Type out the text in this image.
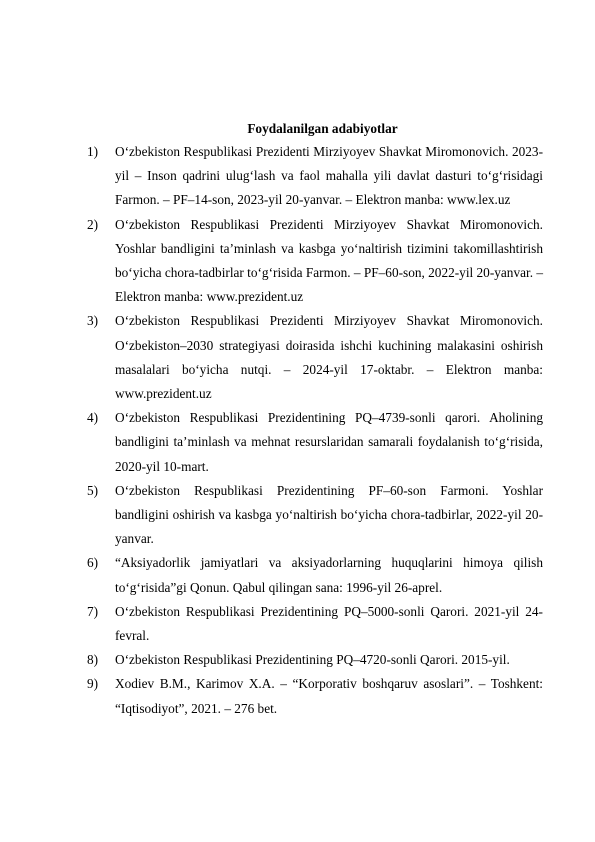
Foydalanilgan adabiyotlar
1) O‘zbekiston Respublikasi Prezidenti Mirziyoyev Shavkat Miromonovich. 2023-yil – Inson qadrini ulug‘lash va faol mahalla yili davlat dasturi to‘g‘risidagi Farmon. – PF–14-son, 2023-yil 20-yanvar. – Elektron manba: www.lex.uz
2) O‘zbekiston Respublikasi Prezidenti Mirziyoyev Shavkat Miromonovich. Yoshlar bandligini ta’minlash va kasbga yo‘naltirish tizimini takomillashtirish bo‘yicha chora-tadbirlar to‘g‘risida Farmon. – PF–60-son, 2022-yil 20-yanvar. – Elektron manba: www.prezident.uz
3) O‘zbekiston Respublikasi Prezidenti Mirziyoyev Shavkat Miromonovich. O‘zbekiston–2030 strategiyasi doirasida ishchi kuchining malakasini oshirish masalalari bo‘yicha nutqi. – 2024-yil 17-oktabr. – Elektron manba: www.prezident.uz
4) O‘zbekiston Respublikasi Prezidentining PQ–4739-sonli qarori. Aholining bandligini ta’minlash va mehnat resurslaridan samarali foydalanish to‘g‘risida, 2020-yil 10-mart.
5) O‘zbekiston Respublikasi Prezidentining PF–60-son Farmoni. Yoshlar bandligini oshirish va kasbga yo‘naltirish bo‘yicha chora-tadbirlar, 2022-yil 20-yanvar.
6) “Aksiyadorlik jamiyatlari va aksiyadorlarning huquqlarini himoya qilish to‘g‘risida”gi Qonun. Qabul qilingan sana: 1996-yil 26-aprel.
7) O‘zbekiston Respublikasi Prezidentining PQ–5000-sonli Qarori. 2021-yil 24-fevral.
8) O‘zbekiston Respublikasi Prezidentining PQ–4720-sonli Qarori. 2015-yil.
9) Xodiev B.M., Karimov X.A. – “Korporativ boshqaruv asoslari”. – Toshkent: “Iqtisodiyot”, 2021. – 276 bet.
